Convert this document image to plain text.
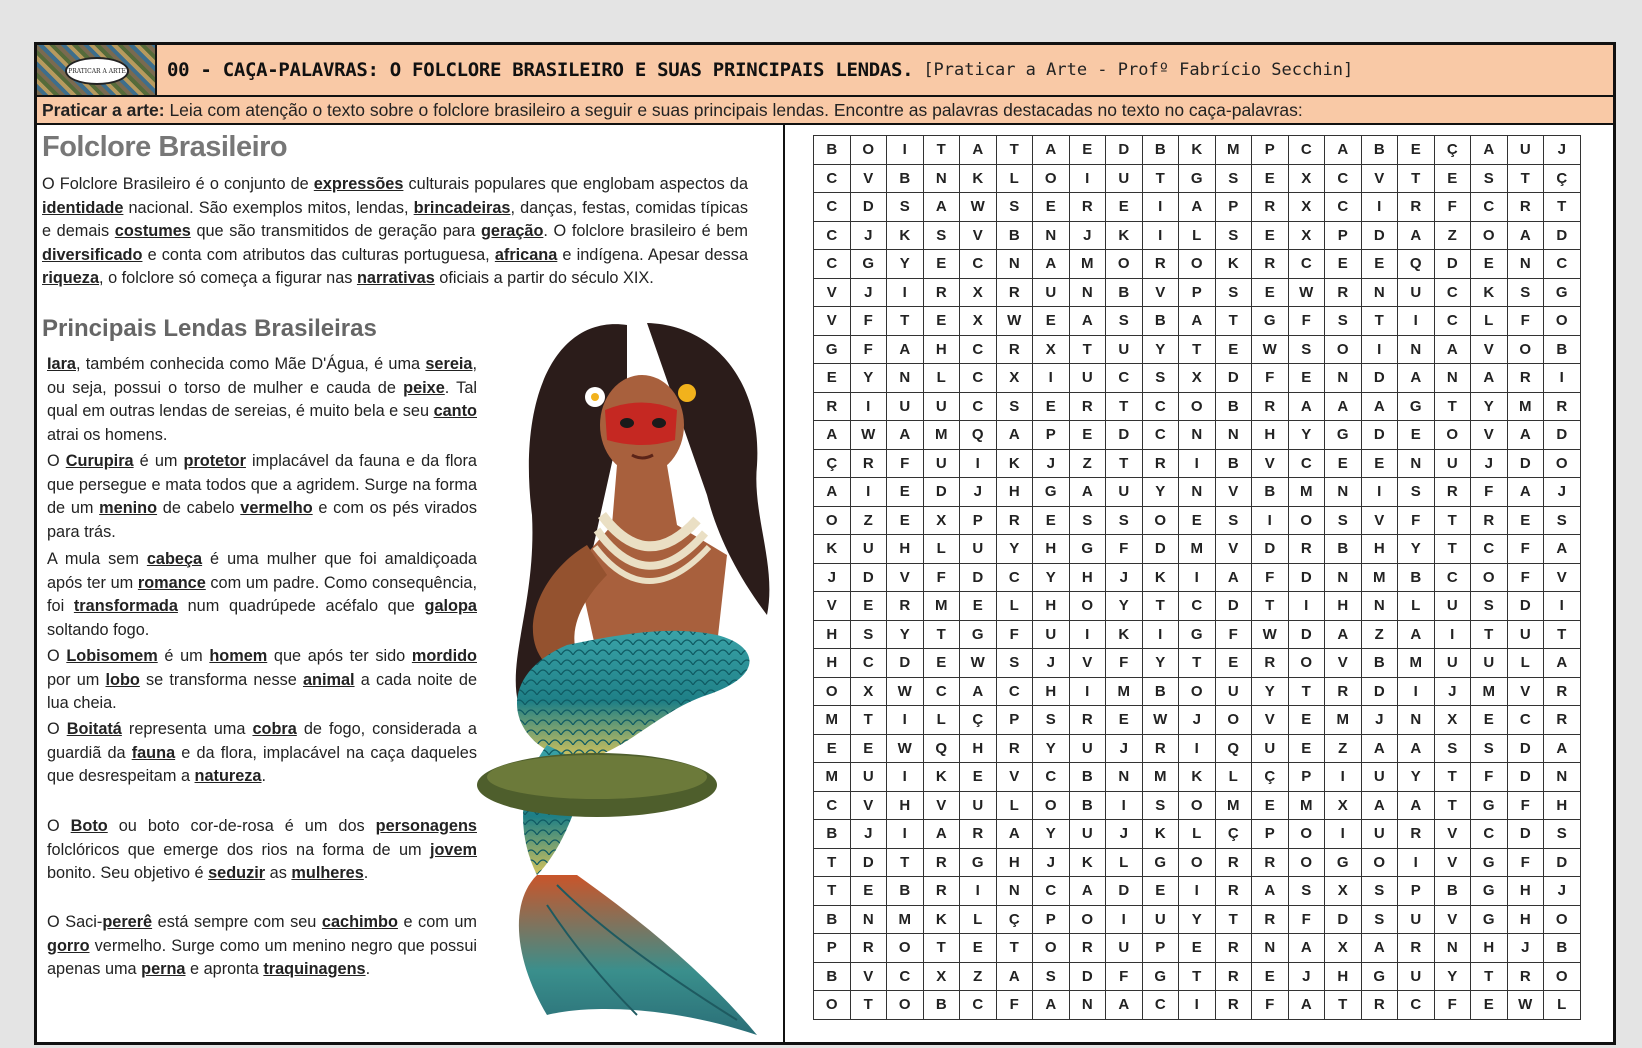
PRATICAR A ARTE 00 - CAÇA-PALAVRAS: O FOLCLORE BRASILEIRO E SUAS PRINCIPAIS LENDAS. [Praticar a Arte - Profº Fabrício Secchin]
Praticar a arte: Leia com atenção o texto sobre o folclore brasileiro a seguir e suas principais lendas. Encontre as palavras destacadas no texto no caça-palavras:
Folclore Brasileiro

O Folclore Brasileiro é o conjunto de expressões culturais populares que englobam aspectos da identidade nacional. São exemplos mitos, lendas, brincadeiras, danças, festas, comidas típicas e demais costumes que são transmitidos de geração para geração. O folclore brasileiro é bem diversificado e conta com atributos das culturas portuguesa, africana e indígena. Apesar dessa riqueza, o folclore só começa a figurar nas narrativas oficiais a partir do século XIX.

Principais Lendas Brasileiras

Iara, também conhecida como Mãe D'Água, é uma sereia, ou seja, possui o torso de mulher e cauda de peixe. Tal qual em outras lendas de sereias, é muito bela e seu canto atrai os homens.

O Curupira é um protetor implacável da fauna e da flora que persegue e mata todos que a agridem. Surge na forma de um menino de cabelo vermelho e com os pés virados para trás.

A mula sem cabeça é uma mulher que foi amaldiçoada após ter um romance com um padre. Como consequência, foi transformada num quadrúpede acéfalo que galopa soltando fogo.

O Lobisomem é um homem que após ter sido mordido por um lobo se transforma nesse animal a cada noite de lua cheia.

O Boitatá representa uma cobra de fogo, considerada a guardiã da fauna e da flora, implacável na caça daqueles que desrespeitam a natureza.

O Boto ou boto cor-de-rosa é um dos personagens folclóricos que emerge dos rios na forma de um jovem bonito. Seu objetivo é seduzir as mulheres.

O Saci-pererê está sempre com seu cachimbo e com um gorro vermelho. Surge como um menino negro que possui apenas uma perna e apronta traquinagens.

B	O	I	T	A	T	A	E	D	B	K	M	P	C	A	B	E	Ç	A	U	J
C	V	B	N	K	L	O	I	U	T	G	S	E	X	C	V	T	E	S	T	Ç
C	D	S	A	W	S	E	R	E	I	A	P	R	X	C	I	R	F	C	R	T
C	J	K	S	V	B	N	J	K	I	L	S	E	X	P	D	A	Z	O	A	D
C	G	Y	E	C	N	A	M	O	R	O	K	R	C	E	E	Q	D	E	N	C
V	J	I	R	X	R	U	N	B	V	P	S	E	W	R	N	U	C	K	S	G
V	F	T	E	X	W	E	A	S	B	A	T	G	F	S	T	I	C	L	F	O
G	F	A	H	C	R	X	T	U	Y	T	E	W	S	O	I	N	A	V	O	B
E	Y	N	L	C	X	I	U	C	S	X	D	F	E	N	D	A	N	A	R	I
R	I	U	U	C	S	E	R	T	C	O	B	R	A	A	A	G	T	Y	M	R
A	W	A	M	Q	A	P	E	D	C	N	N	H	Y	G	D	E	O	V	A	D
Ç	R	F	U	I	K	J	Z	T	R	I	B	V	C	E	E	N	U	J	D	O
A	I	E	D	J	H	G	A	U	Y	N	V	B	M	N	I	S	R	F	A	J
O	Z	E	X	P	R	E	S	S	O	E	S	I	O	S	V	F	T	R	E	S
K	U	H	L	U	Y	H	G	F	D	M	V	D	R	B	H	Y	T	C	F	A
J	D	V	F	D	C	Y	H	J	K	I	A	F	D	N	M	B	C	O	F	V
V	E	R	M	E	L	H	O	Y	T	C	D	T	I	H	N	L	U	S	D	I
H	S	Y	T	G	F	U	I	K	I	G	F	W	D	A	Z	A	I	T	U	T
H	C	D	E	W	S	J	V	F	Y	T	E	R	O	V	B	M	U	U	L	A
O	X	W	C	A	C	H	I	M	B	O	U	Y	T	R	D	I	J	M	V	R
M	T	I	L	Ç	P	S	R	E	W	J	O	V	E	M	J	N	X	E	C	R
E	E	W	Q	H	R	Y	U	J	R	I	Q	U	E	Z	A	A	S	S	D	A
M	U	I	K	E	V	C	B	N	M	K	L	Ç	P	I	U	Y	T	F	D	N
C	V	H	V	U	L	O	B	I	S	O	M	E	M	X	A	A	T	G	F	H
B	J	I	A	R	A	Y	U	J	K	L	Ç	P	O	I	U	R	V	C	D	S
T	D	T	R	G	H	J	K	L	G	O	R	R	O	G	O	I	V	G	F	D
T	E	B	R	I	N	C	A	D	E	I	R	A	S	X	S	P	B	G	H	J
B	N	M	K	L	Ç	P	O	I	U	Y	T	R	F	D	S	U	V	G	H	O
P	R	O	T	E	T	O	R	U	P	E	R	N	A	X	A	R	N	H	J	B
B	V	C	X	Z	A	S	D	F	G	T	R	E	J	H	G	U	Y	T	R	O
O	T	O	B	C	F	A	N	A	C	I	R	F	A	T	R	C	F	E	W	L
